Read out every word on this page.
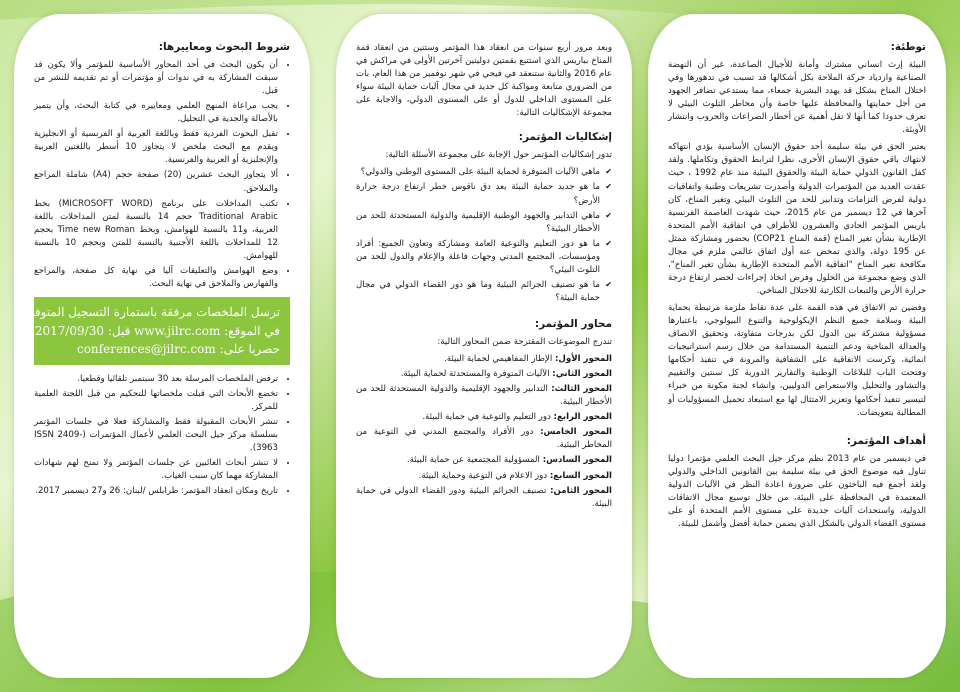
توطئة:

البيئة إرث انساني مشترك وأمانة للأجيال الصاعدة، غير أن النهضة الصناعية وازدياد حركة الملاحة بكل أشكالها قد تسبب في تدهورها وفي اختلال المناخ بشكل قد يهدد البشرية جمعاء، مما يستدعي تضافر الجهود من أجل حمايتها والمحافظة عليها خاصة وأن مخاطر التلوث البيئي لا تعرف حدودا كما أنها لا تقل أهمية عن أخطار الصراعات والحروب وانتشار الأوبئة.

يعتبر الحق في بيئة سليمة أحد حقوق الإنسان الأساسية يؤدي انتهاكه لانتهاك باقي حقوق الإنسان الأخرى، نظرا لترابط الحقوق وتكاملها. ولقد كفل القانون الدولي حماية البيئة والحقوق البيئية منذ عام 1992 ، حيث عقدت العديد من المؤتمرات الدولية وأصدرت تشريعات وطنية واتفاقيات دولية لفرض التزامات وتدابير للحد من التلوث البيئي وتغير المناخ، كان آخرها في 12 ديسمبر من عام 2015، حيث شهدت العاصمة الفرنسية باريس المؤتمر الحادي والعشرون للأطراف في اتفاقية الأمم المتحدة الإطارية بشأن تغير المناخ (قمة المناخ COP21) بحضور ومشاركة ممثل عن 195 دولة، والذي تمخض عنه أول اتفاق عالمي ملزم في مجال مكافحة تغير المناخ "اتفاقية الأمم المتحدة الإطارية بشأن تغير المناخ"، الذي وضع مجموعة من الحلول وفرض اتخاذ إجراءات لحصر ارتفاع درجة حرارة الأرض والتبعات الكارثية للاختلال المناخي.

وفضين تم الاتفاق في هذه القمة على عدة نقاط ملزمة مرتبطة بحماية البيئة وسلامة جميع النظم الإيكولوجية والتنوع البيولوجي، باعتبارها مسؤولية مشتركة بين الدول لكن بدرجات متفاوتة، وتحقيق الانصاف والعدالة المناخية ودعم التنمية المستدامة من خلال رسم استراتيجيات انمائية، وكرست الاتفاقية على الشفافية والمرونة في تنفيذ أحكامها وفتحت الباب للبلاغات الوطنية والتقارير الدورية كل سنتين والتقييم والتشاور والتحليل والاستعراض الدوليين، وانشاء لجنة مكونة من خبراء لتيسير تنفيذ أحكامها وتعزيز الامتثال لها مع استبعاد تحميل المسؤوليات أو المطالبة بتعويضات.

أهداف المؤتمر:

في ديسمبر من عام 2013 نظم مركز جيل البحث العلمي مؤتمرا دوليا تناول فيه موضوع الحق في بيئة سليمة بين القانونين الداخلي والدولي ولقد أجمع فيه الباحثون على ضرورة اعادة النظر في الآليات الدولية المعتمدة في المحافظة على البيئة، من خلال توسيع مجال الاتفاقات الدولية، واستحداث آليات جديدة على مستوى الأمم المتحدة أو على مستوى القضاء الدولي بالشكل الذي يضمن حماية أفضل وأشمل للبيئة.

وبعد مرور أربع سنوات من انعقاد هذا المؤتمر وستتين من انعقاد قمة المناخ بباريس الذي استتبع بقمتين دوليتين آخرتين الأولى في مراكش في عام 2016 والثانية ستنعقد في فيجي في شهر نوفمبر من هذا العام، بات من الضروري متابعة ومواكبة كل جديد في مجال آليات حماية البيئة سواء على المستوى الداخلي للدول أو على المستوى الدولي، والاجابة على مجموعة الإشكاليات التالية:

إشكاليات المؤتمر:

تدور إشكاليات المؤتمر حول الإجابة على مجموعة الأسئلة التالية:

✔ ماهي الآليات المتوفرة لحماية البيئة على المستوى الوطني والدولي؟
✔ ما هو جديد حماية البيئة بعد دق ناقوس خطر ارتفاع درجة حرارة الأرض؟
✔ ماهي التدابير والجهود الوطنية الإقليمية والدولية المستحدثة للحد من الأخطار البيئية؟
✔ ما هو دور التعليم والتوعية العامة ومشاركة وتعاون الجميع: أفراد ومؤسسات، المجتمع المدني وجهات فاعلة والإعلام والدول للحد من التلوث البيئي؟
✔ ما هو تصنيف الجرائم البيئية وما هو دور القضاء الدولي في مجال حماية البيئة؟
محاور المؤتمر:

تندرج الموضوعات المقترحة ضمن المحاور التالية:

المحور الأول: الإطار المفاهيمي لحماية البيئة.
المحور الثاني: الآليات المتوفرة والمستحدثة لحماية البيئة.
المحور الثالث: التدابير والجهود الإقليمية والدولية المستحدثة للحد من الأخطار البيئية.
المحور الرابع: دور التعليم والتوعية في حماية البيئة.
المحور الخامس: دور الأفراد والمجتمع المدني في التوعية من المخاطر البيئية.
المحور السادس: المسؤولية المجتمعية عن حماية البيئة.
المحور السابع: دور الاعلام في التوعية وحماية البيئة.
المحور الثامن: تصنيف الجرائم البيئية ودور القضاء الدولي في حماية البيئة.
شروط البحوث ومعاييرها:
• أن يكون البحث في أحد المحاور الأساسية للمؤتمر وألا يكون قد سبقت المشاركة به في ندوات أو مؤتمرات أو تم تقديمه للنشر من قبل.
• يجب مراعاة المنهج العلمي ومعاييره في كتابة البحث، وأن يتميز بالأصالة والجدية في التحليل.
• تقبل البحوث الفردية فقط وباللغة العربية أو الفرنسية أو الانجليزية ويقدم مع البحث ملخص لا يتجاوز 10 أسطر باللغتين العربية والإنجليزية أو العربية والفرنسية.
• ألا يتجاوز البحث عشرين (20) صفحة حجم (A4) شاملة المراجع والملاحق.
• تكتب المداخلات على برنامج (MICROSOFT WORD) بخط Traditional Arabic حجم 14 بالنسبة لمتن المداخلات باللغة العربية، و11 بالنسبة للهوامش، وبخط Time new Roman بحجم 12 للمداخلات باللغة الأجنبية بالنسبة للمتن وبحجم 10 بالنسبة للهوامش.
• وضع الهوامش والتعليقات آليا في نهاية كل صفحة، والمراجع والفهارس والملاحق في نهاية البحث.
ترسل الملخصات مرفقة باستمارة التسجيل المتوفرة
في الموقع: www.jilrc.com قبل: 2017/09/30
حصريا على: conferences@jilrc.com
• ترفض الملخصات المرسلة بعد 30 سبتمبر تلقائيا وقطعيا.
• تخضع الأبحاث التي قبلت ملخصاتها للتحكيم من قبل اللجنة العلمية للمركز.
• تنشر الأبحاث المقبولة فقط والمشاركة فعلا في جلسات المؤتمر بسلسلة مركز جيل البحث العلمي لأعمال المؤتمرات (ISSN 2409-3963).
• لا تنشر أبحاث الغائبين عن جلسات المؤتمر ولا تمنح لهم شهادات المشاركة مهما كان سبب الغياب.
• تاريخ ومكان انعقاد المؤتمر: طرابلس /لبنان: 26 و27 ديسمبر 2017.
